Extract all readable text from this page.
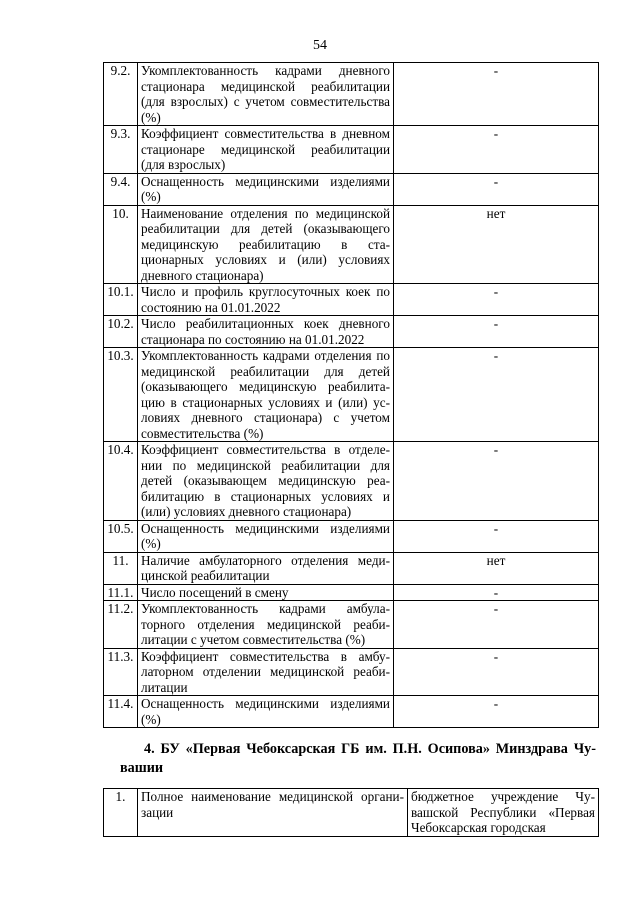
54
9.2.	Укомплектованность кадрами дневного стационара медицинской реабилитации (для взрослых) с учетом совместительства (%)	-
9.3.	Коэффициент совместительства в дневном стационаре медицинской реабилитации (для взрослых)	-
9.4.	Оснащенность медицинскими изделиями (%)	-
10.	Наименование отделения по медицинской реабилитации для детей (оказывающего медицинскую реабилитацию в стационарных условиях и (или) условиях дневного стационара)	нет
10.1.	Число и профиль круглосуточных коек по состоянию на 01.01.2022	-
10.2.	Число реабилитационных коек дневного стационара по состоянию на 01.01.2022	-
10.3.	Укомплектованность кадрами отделения по медицинской реабилитации для детей (оказывающего медицинскую реабилитацию в стационарных условиях и (или) условиях дневного стационара) с учетом совместительства (%)	-
10.4.	Коэффициент совместительства в отделении по медицинской реабилитации для детей (оказывающем медицинскую реабилитацию в стационарных условиях и (или) условиях дневного стационара)	-
10.5.	Оснащенность медицинскими изделиями (%)	-
11.	Наличие амбулаторного отделения медицинской реабилитации	нет
11.1.	Число посещений в смену	-
11.2.	Укомплектованность кадрами амбулаторного отделения медицинской реабилитации с учетом совместительства (%)	-
11.3.	Коэффициент совместительства в амбулаторном отделении медицинской реабилитации	-
11.4.	Оснащенность медицинскими изделиями (%)	-
4. БУ «Первая Чебоксарская ГБ им. П.Н. Осипова» Минздрава Чувашии
1.	Полное наименование медицинской организации	бюджетное учреждение Чувашской Республики «Первая Чебоксарская городская
